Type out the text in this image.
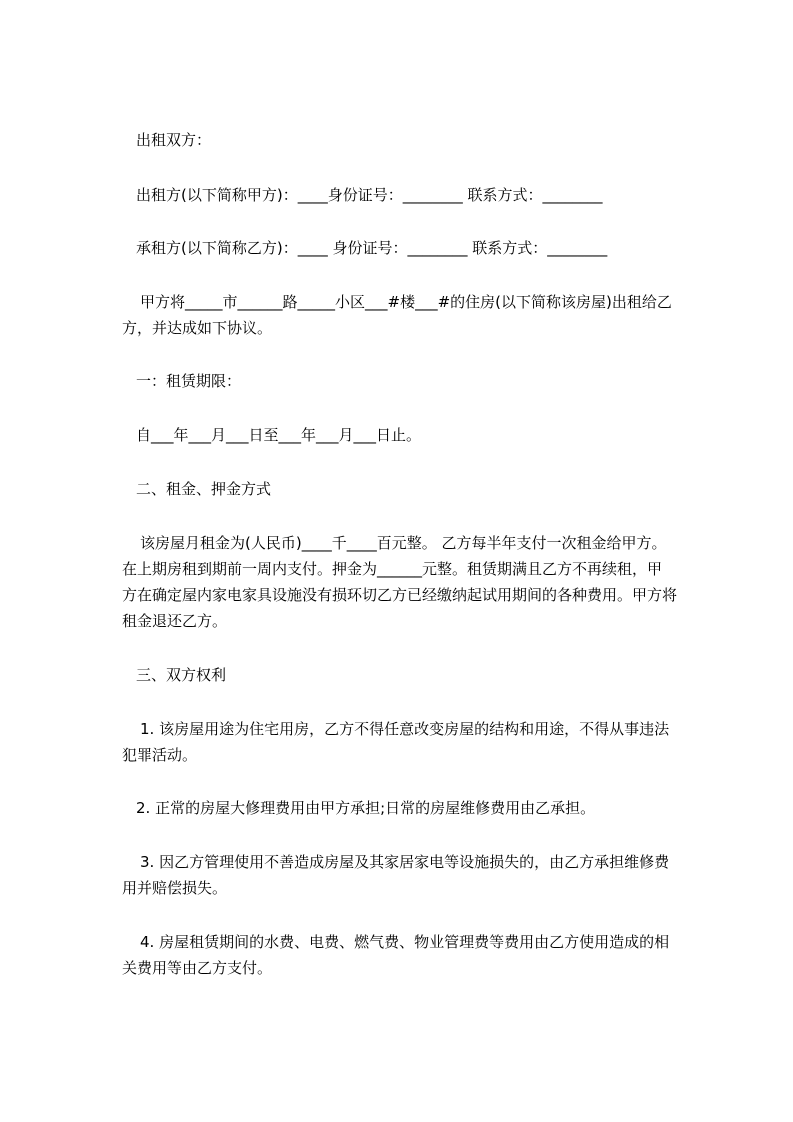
出租双方：

出租方(以下简称甲方)：____身份证号：________ 联系方式：________

承租方(以下简称乙方)：____ 身份证号：________ 联系方式：________

甲方将_____市______路_____小区___#楼___#的住房(以下简称该房屋)出租给乙

方，并达成如下协议。

一：租赁期限：

自___年___月___日至___年___月___日止。

二、租金、押金方式

该房屋月租金为(人民币)____千____百元整。 乙方每半年支付一次租金给甲方。

在上期房租到期前一周内支付。押金为______元整。租赁期满且乙方不再续租，甲

方在确定屋内家电家具设施没有损环切乙方已经缴纳起试用期间的各种费用。甲方将

租金退还乙方。

三、双方权利

1. 该房屋用途为住宅用房，乙方不得任意改变房屋的结构和用途，不得从事违法

犯罪活动。

2. 正常的房屋大修理费用由甲方承担;日常的房屋维修费用由乙承担。

3. 因乙方管理使用不善造成房屋及其家居家电等设施损失的，由乙方承担维修费

用并赔偿损失。

4. 房屋租赁期间的水费、电费、燃气费、物业管理费等费用由乙方使用造成的相

关费用等由乙方支付。
